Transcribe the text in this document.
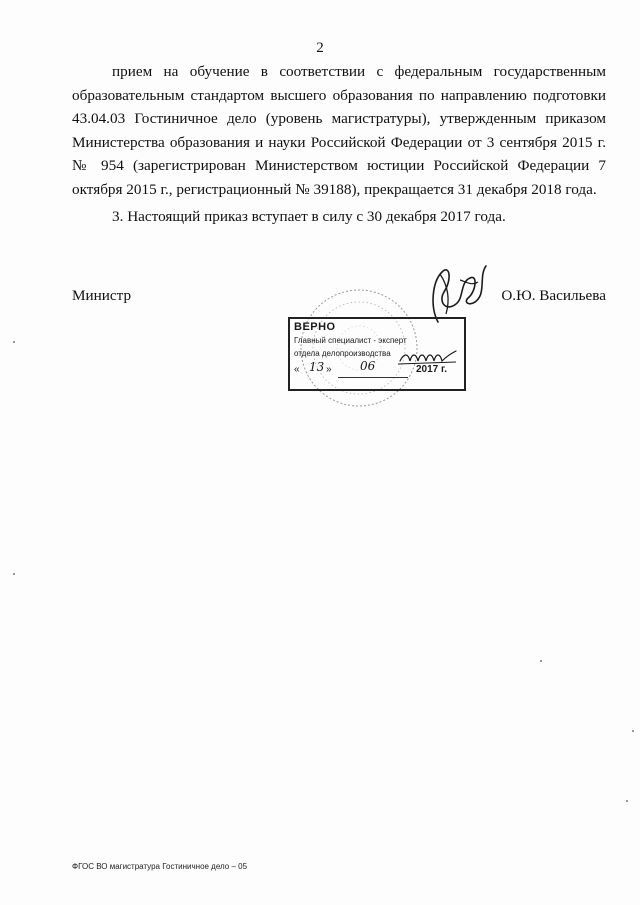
2

прием на обучение в соответствии с федеральным государственным образовательным стандартом высшего образования по направлению подготовки 43.04.03 Гостиничное дело (уровень магистратуры), утвержденным приказом Министерства образования и науки Российской Федерации от 3 сентября 2015 г. № 954 (зарегистрирован Министерством юстиции Российской Федерации 7 октября 2015 г., регистрационный № 39188), прекращается 31 декабря 2018 года.

3. Настоящий приказ вступает в силу с 30 декабря 2017 года.

Министр	О.Ю. Васильева
ВЕРНО
Главный специалист - эксперт
отдела делопроизводства
« 13 » 06	2017 г.
ФГОС ВО магистратура Гостиничное дело – 05
